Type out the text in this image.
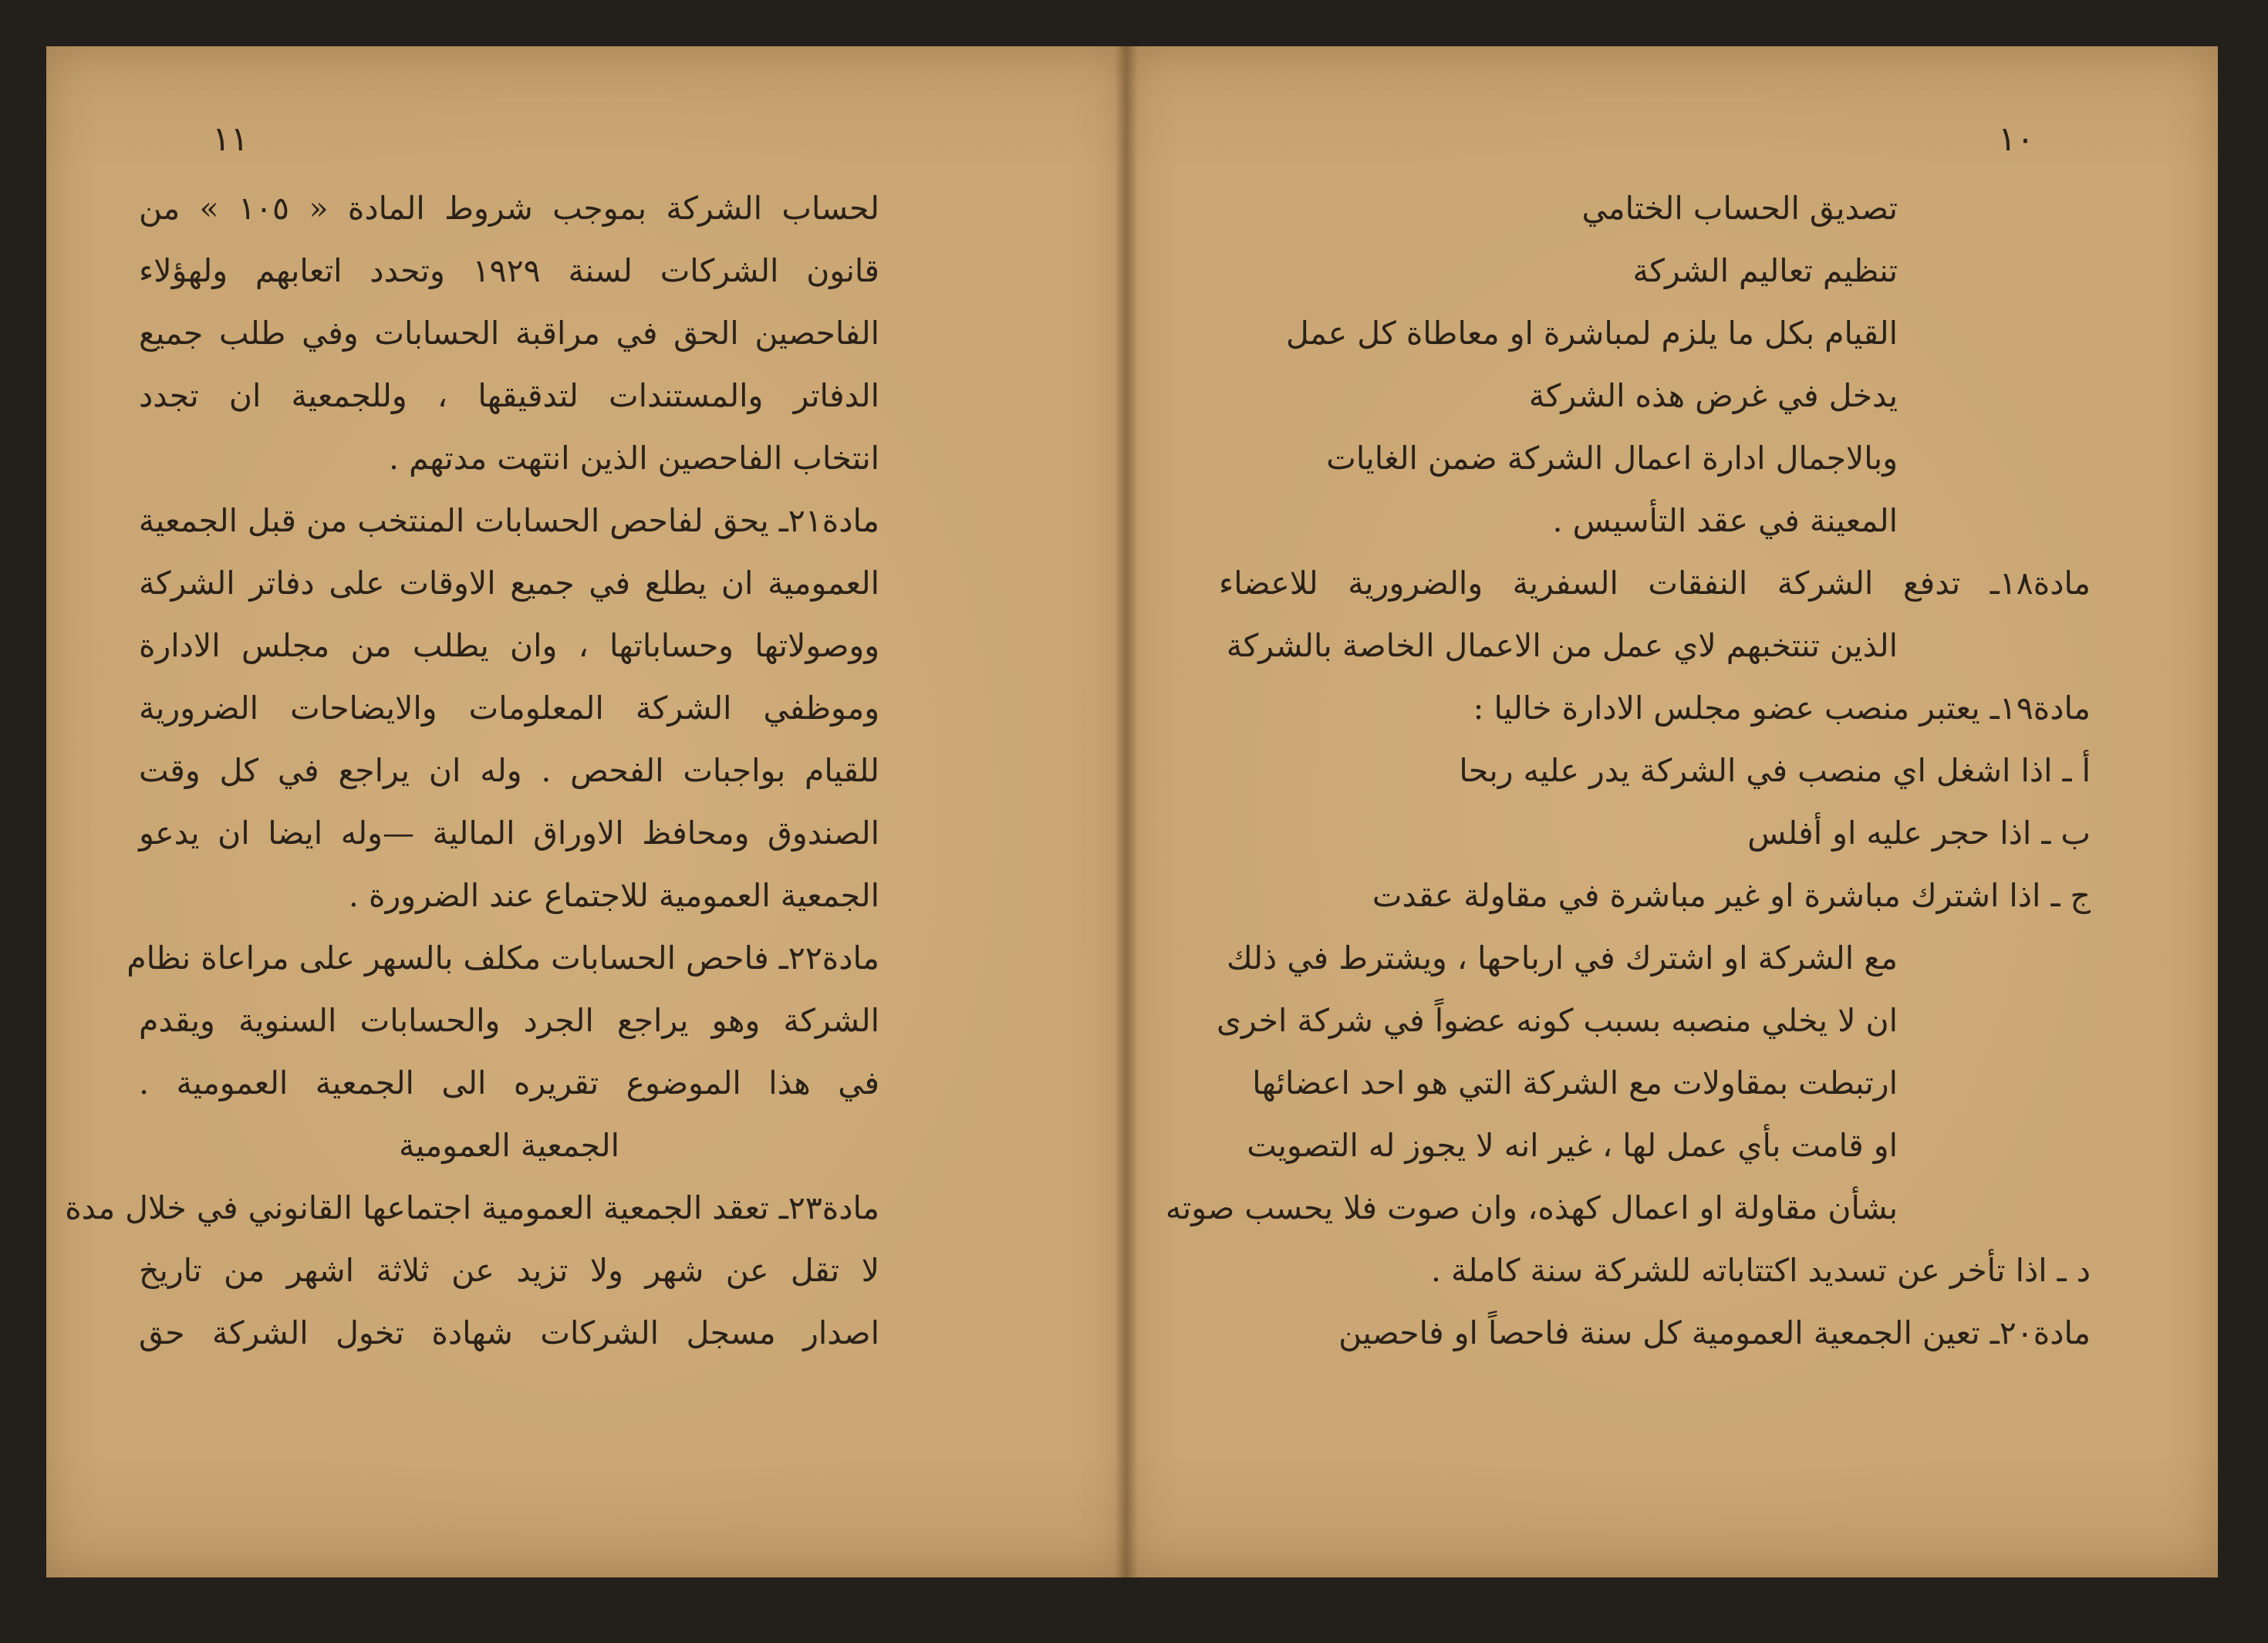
١١
لحساب الشركة بموجب شروط المادة « ١٠٥ » من
قانون الشركات لسنة ١٩٢٩ وتحدد اتعابهم ولهؤلاء
الفاحصين الحق في مراقبة الحسابات وفي طلب جميع
الدفاتر والمستندات لتدقيقها ، وللجمعية ان تجدد
انتخاب الفاحصين الذين انتهت مدتهم .
مادة٢١ـ يحق لفاحص الحسابات المنتخب من قبل الجمعية
العمومية ان يطلع في جميع الاوقات على دفاتر الشركة
ووصولاتها وحساباتها ، وان يطلب من مجلس الادارة
وموظفي الشركة المعلومات والايضاحات الضرورية
للقيام بواجبات الفحص . وله ان يراجع في كل وقت
الصندوق ومحافظ الاوراق المالية —وله ايضا ان يدعو
الجمعية العمومية للاجتماع عند الضرورة .
مادة٢٢ـ فاحص الحسابات مكلف بالسهر على مراعاة نظام
الشركة وهو يراجع الجرد والحسابات السنوية ويقدم
في هذا الموضوع تقريره الى الجمعية العمومية .
الجمعية العمومية
مادة٢٣ـ تعقد الجمعية العمومية اجتماعها القانوني في خلال مدة
لا تقل عن شهر ولا تزيد عن ثلاثة اشهر من تاريخ
اصدار مسجل الشركات شهادة تخول الشركة حق
١٠
تصديق الحساب الختامي
تنظيم تعاليم الشركة
القيام بكل ما يلزم لمباشرة او معاطاة كل عمل
يدخل في غرض هذه الشركة
وبالاجمال ادارة اعمال الشركة ضمن الغايات
المعينة في عقد التأسيس .
مادة١٨ـ تدفع الشركة النفقات السفرية والضرورية للاعضاء
الذين تنتخبهم لاي عمل من الاعمال الخاصة بالشركة
مادة١٩ـ يعتبر منصب عضو مجلس الادارة خاليا :
أ ـ اذا اشغل اي منصب في الشركة يدر عليه ربحا
ب ـ اذا حجر عليه او أفلس
ج ـ اذا اشترك مباشرة او غير مباشرة في مقاولة عقدت
مع الشركة او اشترك في ارباحها ، ويشترط في ذلك
ان لا يخلي منصبه بسبب كونه عضواً في شركة اخرى
ارتبطت بمقاولات مع الشركة التي هو احد اعضائها
او قامت بأي عمل لها ، غير انه لا يجوز له التصويت
بشأن مقاولة او اعمال كهذه، وان صوت فلا يحسب صوته
د ـ اذا تأخر عن تسديد اكتتاباته للشركة سنة كاملة .
مادة٢٠ـ تعين الجمعية العمومية كل سنة فاحصاً او فاحصين
